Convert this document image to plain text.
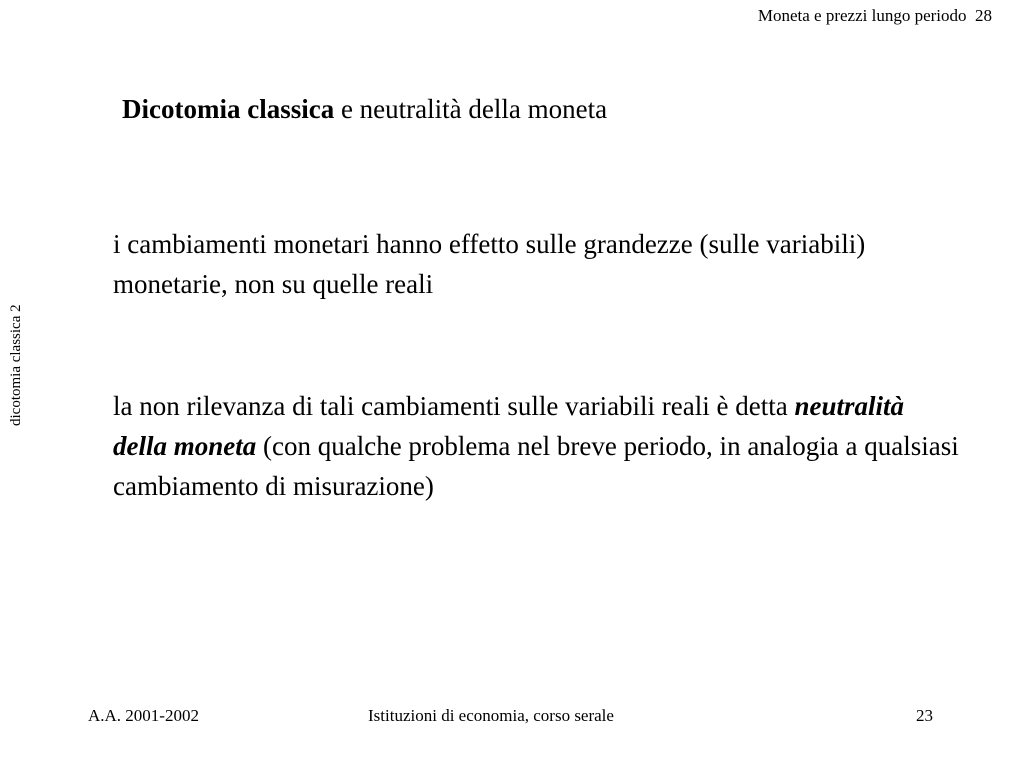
Moneta e prezzi lungo periodo  28
dicotomia classica 2
Dicotomia classica e neutralità della moneta
i cambiamenti monetari hanno effetto sulle grandezze (sulle variabili) monetarie, non su quelle reali
la non rilevanza di tali cambiamenti sulle variabili reali è detta neutralità della moneta (con qualche problema nel breve periodo, in analogia a qualsiasi cambiamento di misurazione)
A.A. 2001-2002	Istituzioni di economia, corso serale	23
